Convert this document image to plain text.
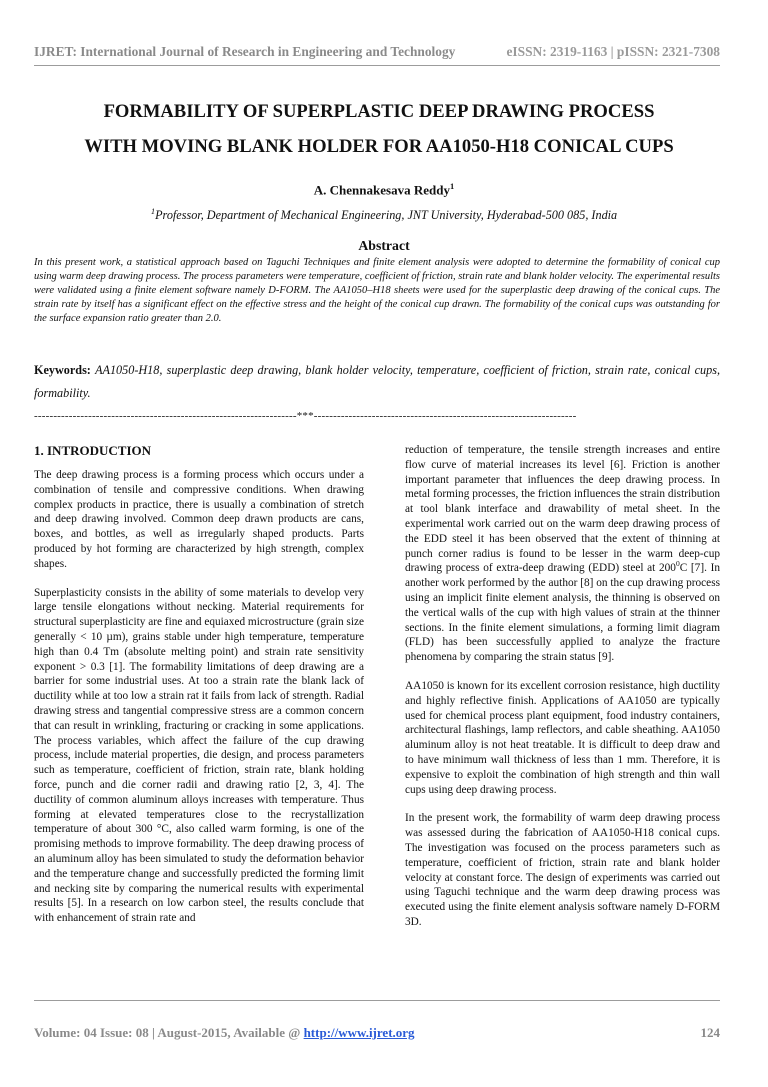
IJRET: International Journal of Research in Engineering and Technology	eISSN: 2319-1163 | pISSN: 2321-7308
FORMABILITY OF SUPERPLASTIC DEEP DRAWING PROCESS
WITH MOVING BLANK HOLDER FOR AA1050-H18 CONICAL CUPS
A. Chennakesava Reddy$^1$
$^1$Professor, Department of Mechanical Engineering, JNT University, Hyderabad-500 085, India
Abstract
In this present work, a statistical approach based on Taguchi Techniques and finite element analysis were adopted to determine the formability of conical cup using warm deep drawing process. The process parameters were temperature, coefficient of friction, strain rate and blank holder velocity. The experimental results were validated using a finite element software namely D-FORM. The AA1050–H18 sheets were used for the superplastic deep drawing of the conical cups. The strain rate by itself has a significant effect on the effective stress and the height of the conical cup drawn. The formability of the conical cups was outstanding for the surface expansion ratio greater than 2.0.
Keywords: AA1050-H18, superplastic deep drawing, blank holder velocity, temperature, coefficient of friction, strain rate, conical cups, formability.
--------------------------------------------------------------------***--------------------------------------------------------------------
1. INTRODUCTION

The deep drawing process is a forming process which occurs under a combination of tensile and compressive conditions. When drawing complex products in practice, there is usually a combination of stretch and deep drawing involved. Common deep drawn products are cans, boxes, and bottles, as well as irregularly shaped products. Parts produced by hot forming are characterized by high strength, complex shapes.

Superplasticity consists in the ability of some materials to develop very large tensile elongations without necking. Material requirements for structural superplasticity are fine and equiaxed microstructure (grain size generally < 10 µm), grains stable under high temperature, temperature high than 0.4 Tm (absolute melting point) and strain rate sensitivity exponent > 0.3 [1]. The formability limitations of deep drawing are a barrier for some industrial uses. At too a strain rate the blank lack of ductility while at too low a strain rat it fails from lack of strength. Radial drawing stress and tangential compressive stress are a common concern that can result in wrinkling, fracturing or cracking in some applications. The process variables, which affect the failure of the cup drawing process, include material properties, die design, and process parameters such as temperature, coefficient of friction, strain rate, blank holding force, punch and die corner radii and drawing ratio [2, 3, 4]. The ductility of common aluminum alloys increases with temperature. Thus forming at elevated temperatures close to the recrystallization temperature of about 300 °C, also called warm forming, is one of the promising methods to improve formability. The deep drawing process of an aluminum alloy has been simulated to study the deformation behavior and the temperature change and successfully predicted the forming limit and necking site by comparing the numerical results with experimental results [5]. In a research on low carbon steel, the results conclude that with enhancement of strain rate and

reduction of temperature, the tensile strength increases and entire flow curve of material increases its level [6]. Friction is another important parameter that influences the deep drawing process. In metal forming processes, the friction influences the strain distribution at tool blank interface and drawability of metal sheet. In the experimental work carried out on the warm deep drawing process of the EDD steel it has been observed that the extent of thinning at punch corner radius is found to be lesser in the warm deep-cup drawing process of extra-deep drawing (EDD) steel at $200^0C$ [7]. In another work performed by the author [8] on the cup drawing process using an implicit finite element analysis, the thinning is observed on the vertical walls of the cup with high values of strain at the thinner sections. In the finite element simulations, a forming limit diagram (FLD) has been successfully applied to analyze the fracture phenomena by comparing the strain status [9].

AA1050 is known for its excellent corrosion resistance, high ductility and highly reflective finish. Applications of AA1050 are typically used for chemical process plant equipment, food industry containers, architectural flashings, lamp reflectors, and cable sheathing. AA1050 aluminum alloy is not heat treatable. It is difficult to deep draw and to have minimum wall thickness of less than 1 mm. Therefore, it is expensive to exploit the combination of high strength and thin wall cups using deep drawing process.

In the present work, the formability of warm deep drawing process was assessed during the fabrication of AA1050-H18 conical cups. The investigation was focused on the process parameters such as temperature, coefficient of friction, strain rate and blank holder velocity at constant force. The design of experiments was carried out using Taguchi technique and the warm deep drawing process was executed using the finite element analysis software namely D-FORM 3D.

Volume: 04 Issue: 08 | August-2015, Available @ http://www.ijret.org	124
